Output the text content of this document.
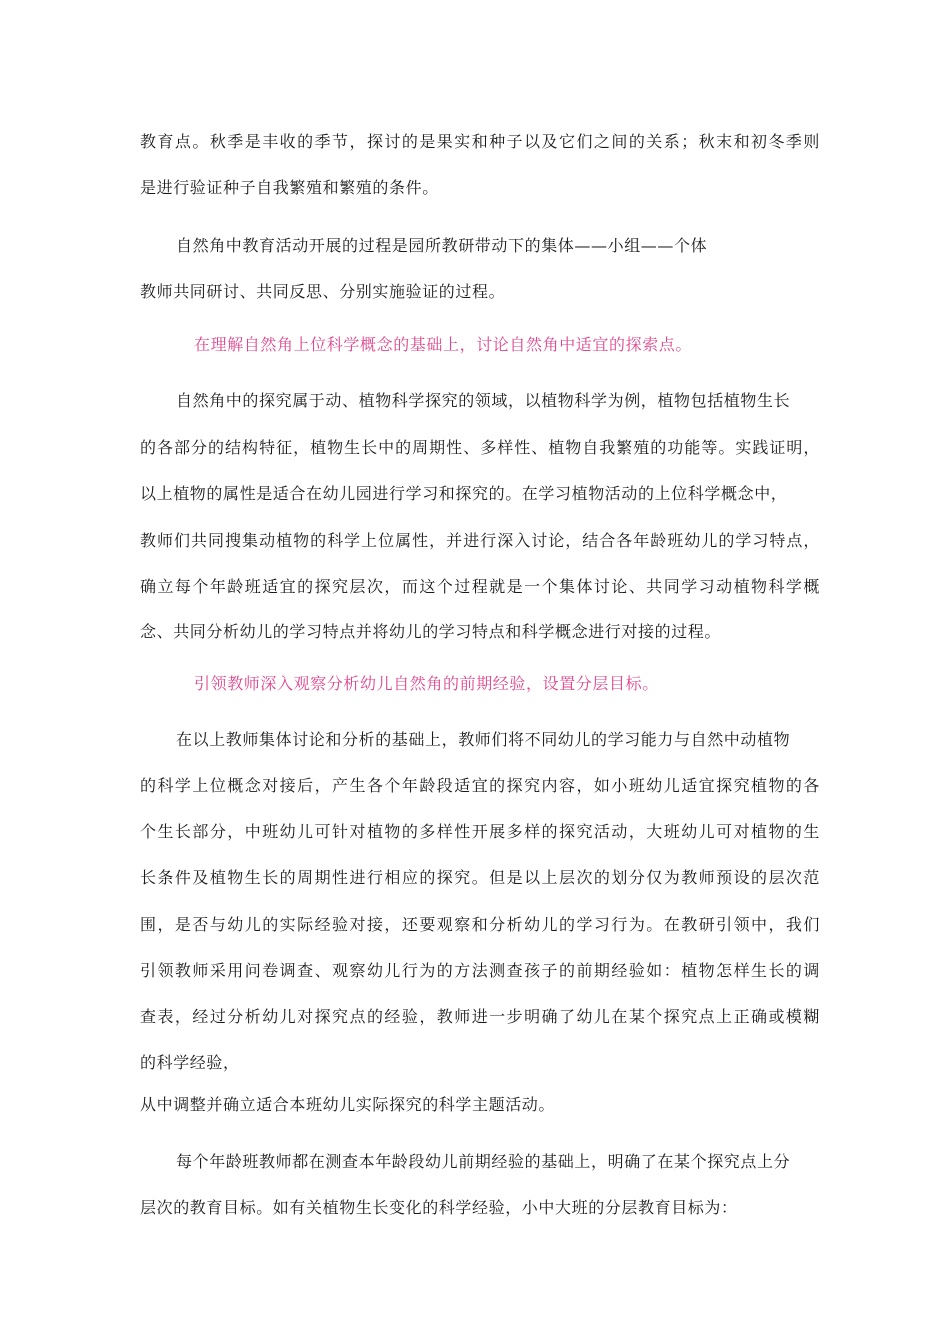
教育点。秋季是丰收的季节，探讨的是果实和种子以及它们之间的关系；秋末和初冬季则
是进行验证种子自我繁殖和繁殖的条件。
自然角中教育活动开展的过程是园所教研带动下的集体——小组——个体
教师共同研讨、共同反思、分别实施验证的过程。
在理解自然角上位科学概念的基础上，讨论自然角中适宜的探索点。
自然角中的探究属于动、植物科学探究的领域，以植物科学为例，植物包括植物生长
的各部分的结构特征，植物生长中的周期性、多样性、植物自我繁殖的功能等。实践证明，
以上植物的属性是适合在幼儿园进行学习和探究的。在学习植物活动的上位科学概念中，
教师们共同搜集动植物的科学上位属性，并进行深入讨论，结合各年龄班幼儿的学习特点，
确立每个年龄班适宜的探究层次，而这个过程就是一个集体讨论、共同学习动植物科学概
念、共同分析幼儿的学习特点并将幼儿的学习特点和科学概念进行对接的过程。
引领教师深入观察分析幼儿自然角的前期经验，设置分层目标。
在以上教师集体讨论和分析的基础上，教师们将不同幼儿的学习能力与自然中动植物
的科学上位概念对接后，产生各个年龄段适宜的探究内容，如小班幼儿适宜探究植物的各
个生长部分，中班幼儿可针对植物的多样性开展多样的探究活动，大班幼儿可对植物的生
长条件及植物生长的周期性进行相应的探究。但是以上层次的划分仅为教师预设的层次范
围，是否与幼儿的实际经验对接，还要观察和分析幼儿的学习行为。在教研引领中，我们
引领教师采用问卷调查、观察幼儿行为的方法测查孩子的前期经验如：植物怎样生长的调
查表，经过分析幼儿对探究点的经验，教师进一步明确了幼儿在某个探究点上正确或模糊
的科学经验，
从中调整并确立适合本班幼儿实际探究的科学主题活动。
每个年龄班教师都在测查本年龄段幼儿前期经验的基础上，明确了在某个探究点上分
层次的教育目标。如有关植物生长变化的科学经验，小中大班的分层教育目标为：
